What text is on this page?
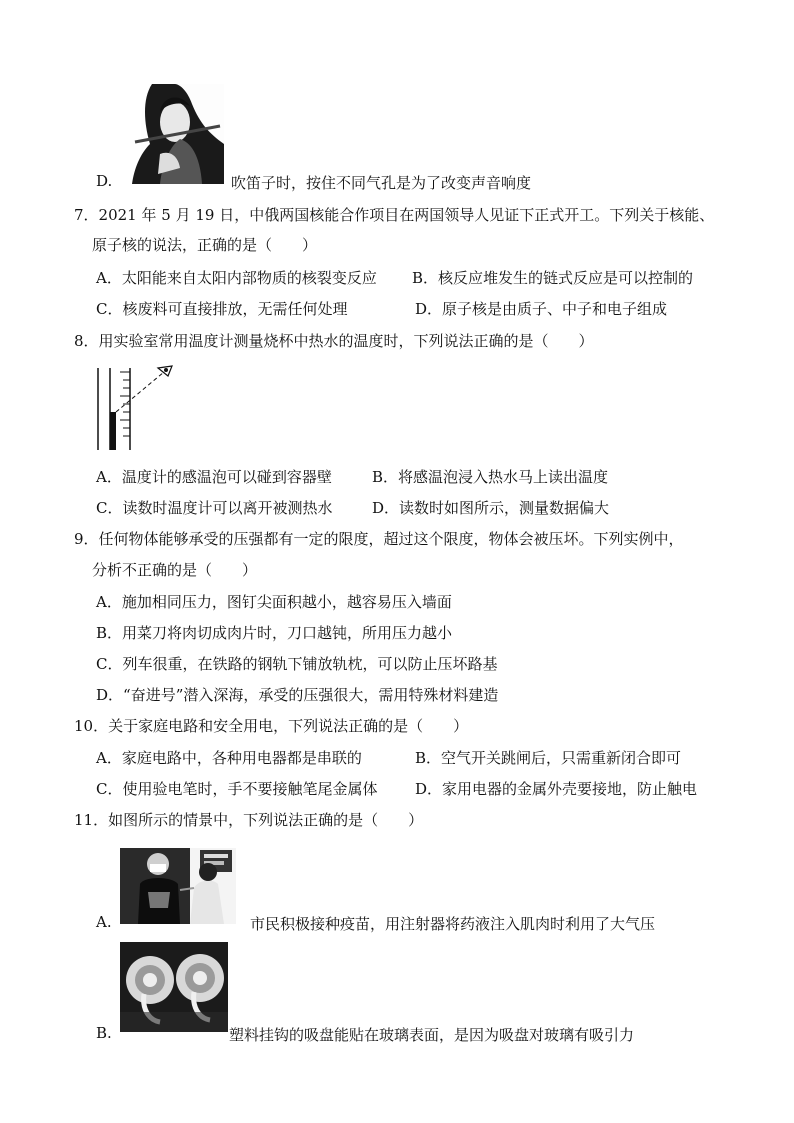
D.	吹笛子时，按住不同气孔是为了改变声音响度
7．2021 年 5 月 19 日，中俄两国核能合作项目在两国领导人见证下正式开工。下列关于核能、
原子核的说法，正确的是（　　）
A．太阳能来自太阳内部物质的核裂变反应 B．核反应堆发生的链式反应是可以控制的
C．核废料可直接排放，无需任何处理	D．原子核是由质子、中子和电子组成
8．用实验室常用温度计测量烧杯中热水的温度时，下列说法正确的是（　　）
A．温度计的感温泡可以碰到容器壁	B．将感温泡浸入热水马上读出温度
C．读数时温度计可以离开被测热水	D．读数时如图所示，测量数据偏大
9．任何物体能够承受的压强都有一定的限度，超过这个限度，物体会被压坏。下列实例中，
分析不正确的是（　　）
A．施加相同压力，图钉尖面积越小，越容易压入墙面
B．用菜刀将肉切成肉片时，刀口越钝，所用压力越小
C．列车很重，在铁路的钢轨下铺放轨枕，可以防止压坏路基
D．“奋进号”潜入深海，承受的压强很大，需用特殊材料建造
10．关于家庭电路和安全用电，下列说法正确的是（　　）
A．家庭电路中，各种用电器都是串联的	B．空气开关跳闸后，只需重新闭合即可
C．使用验电笔时，手不要接触笔尾金属体	D．家用电器的金属外壳要接地，防止触电
11．如图所示的情景中，下列说法正确的是（　　）
A.	市民积极接种疫苗，用注射器将药液注入肌肉时利用了大气压
B.	塑料挂钩的吸盘能贴在玻璃表面，是因为吸盘对玻璃有吸引力
